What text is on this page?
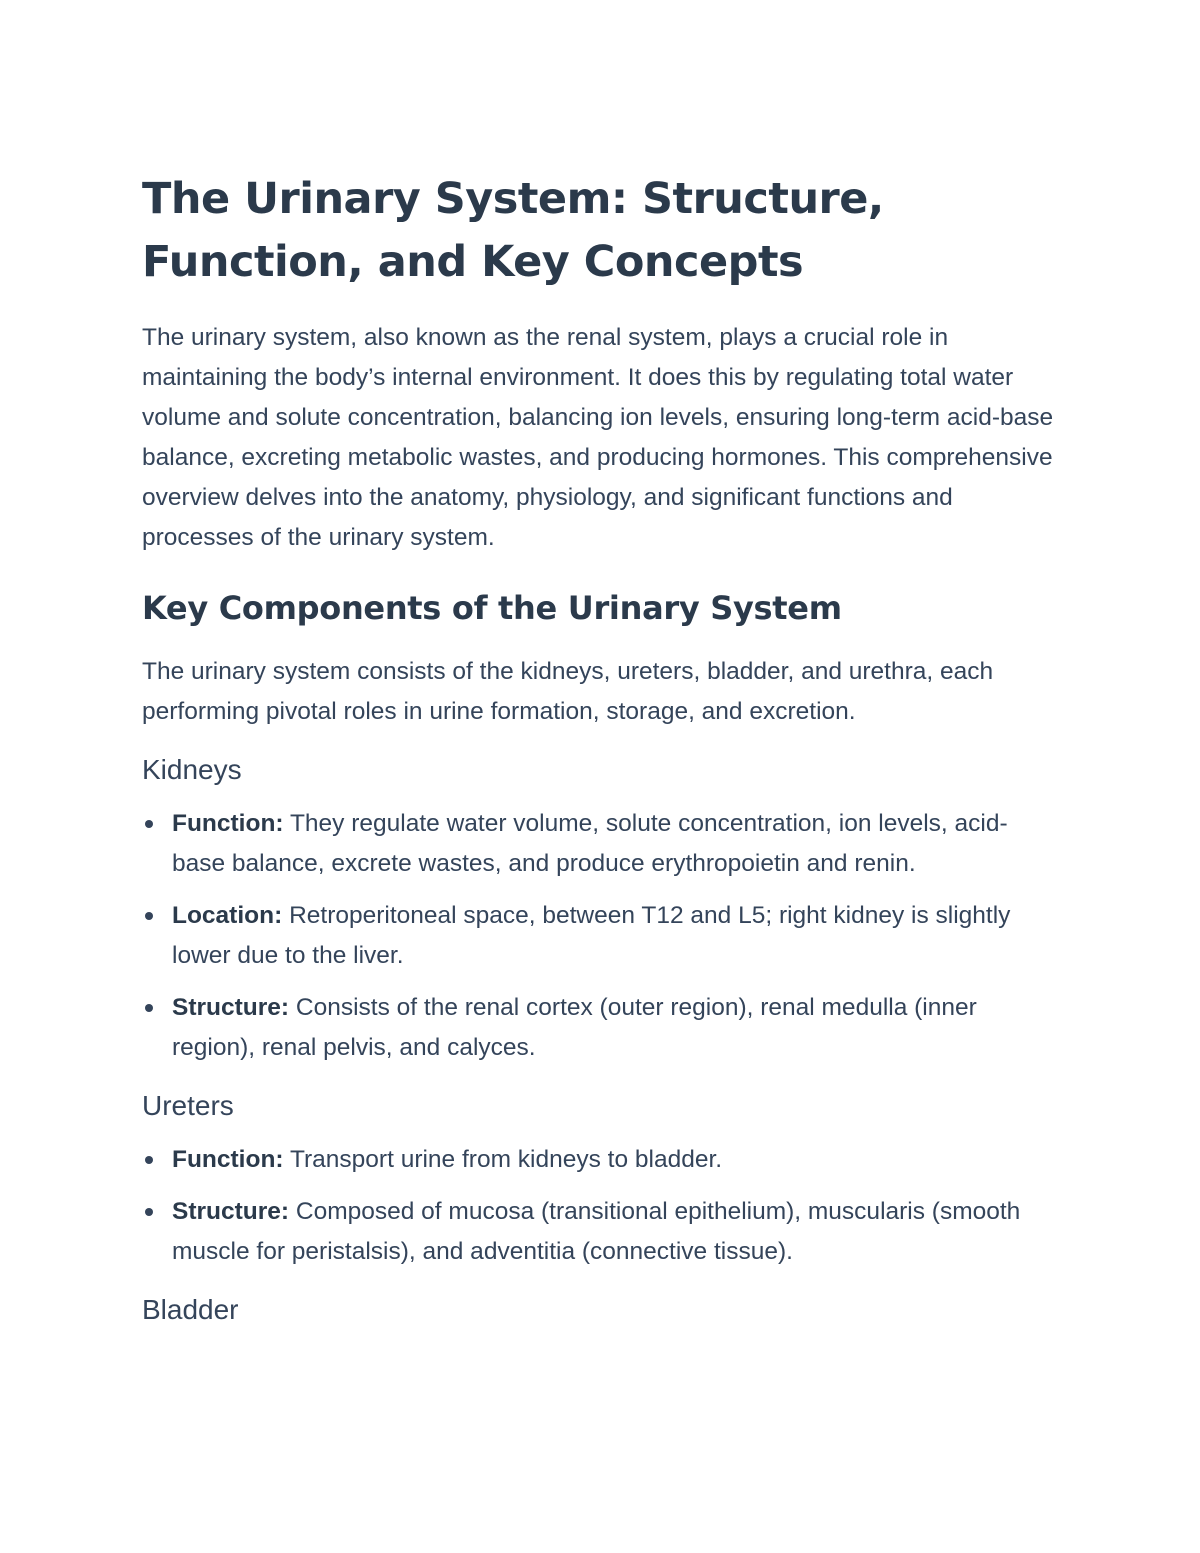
The Urinary System: Structure, Function, and Key Concepts

The urinary system, also known as the renal system, plays a crucial role in maintaining the body’s internal environment. It does this by regulating total water volume and solute concentration, balancing ion levels, ensuring long-term acid-base balance, excreting metabolic wastes, and producing hormones. This comprehensive overview delves into the anatomy, physiology, and significant functions and processes of the urinary system.

Key Components of the Urinary System

The urinary system consists of the kidneys, ureters, bladder, and urethra, each performing pivotal roles in urine formation, storage, and excretion.

Kidneys
Function: They regulate water volume, solute concentration, ion levels, acid-base balance, excrete wastes, and produce erythropoietin and renin.
Location: Retroperitoneal space, between T12 and L5; right kidney is slightly lower due to the liver.
Structure: Consists of the renal cortex (outer region), renal medulla (inner region), renal pelvis, and calyces.
Ureters
Function: Transport urine from kidneys to bladder.
Structure: Composed of mucosa (transitional epithelium), muscularis (smooth muscle for peristalsis), and adventitia (connective tissue).
Bladder
